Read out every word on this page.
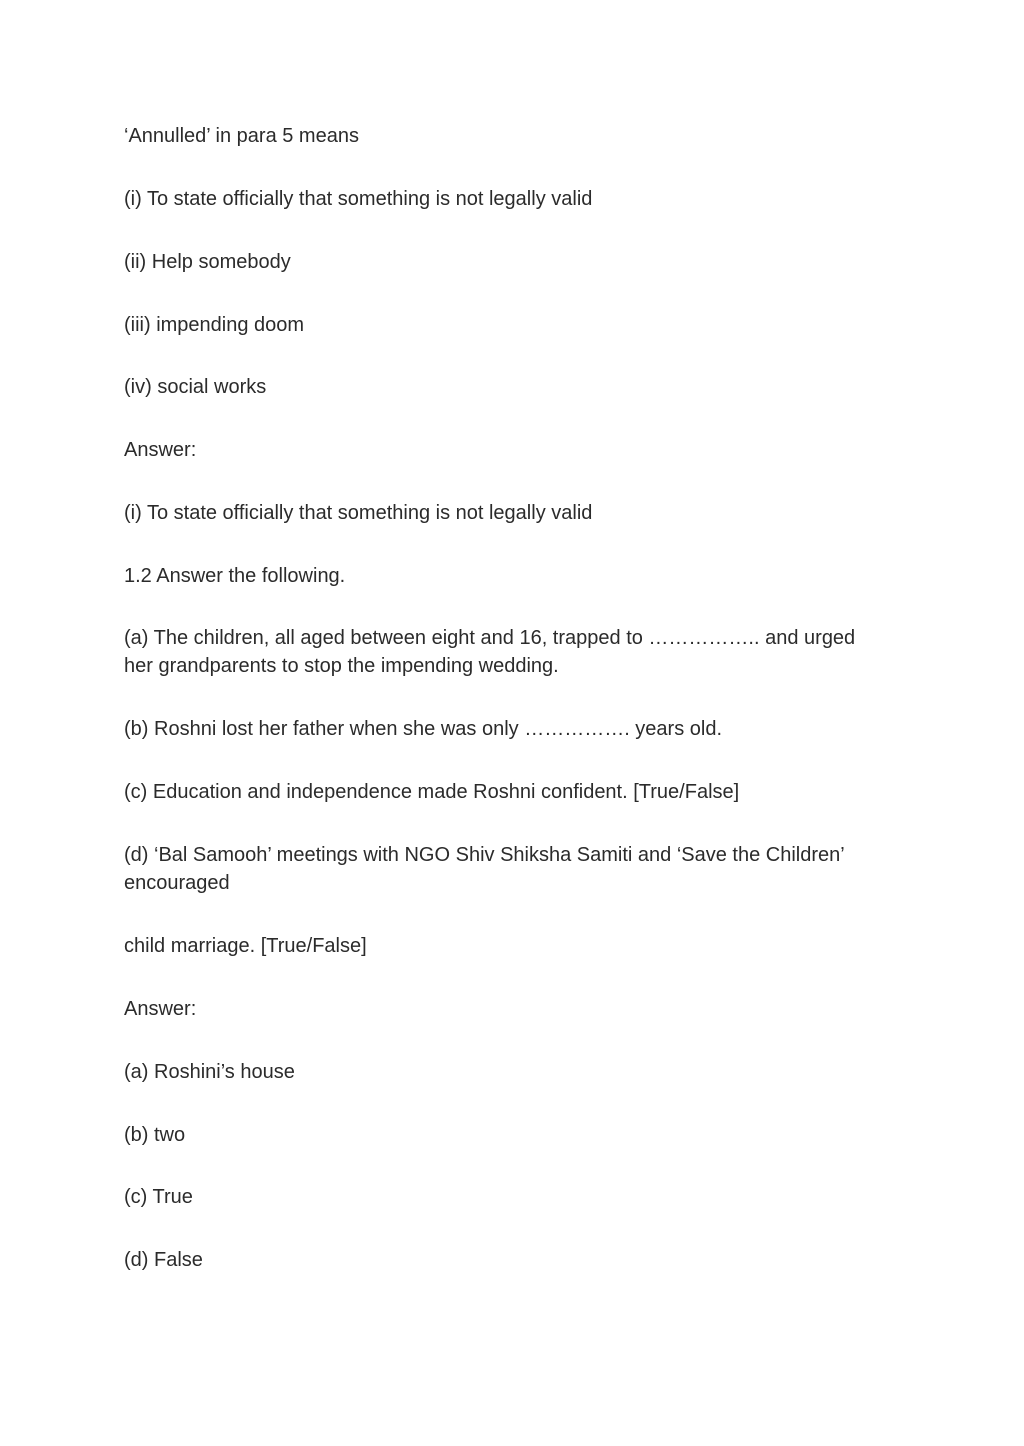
‘Annulled’ in para 5 means

(i) To state officially that something is not legally valid

(ii) Help somebody

(iii) impending doom

(iv) social works

Answer:

(i) To state officially that something is not legally valid

1.2 Answer the following.

(a) The children, all aged between eight and 16, trapped to …………….. and urged her grandparents to stop the impending wedding.

(b) Roshni lost her father when she was only ……………. years old.

(c) Education and independence made Roshni confident. [True/False]

(d) ‘Bal Samooh’ meetings with NGO Shiv Shiksha Samiti and ‘Save the Children’ encouraged

child marriage. [True/False]

Answer:

(a) Roshini’s house

(b) two

(c) True

(d) False
